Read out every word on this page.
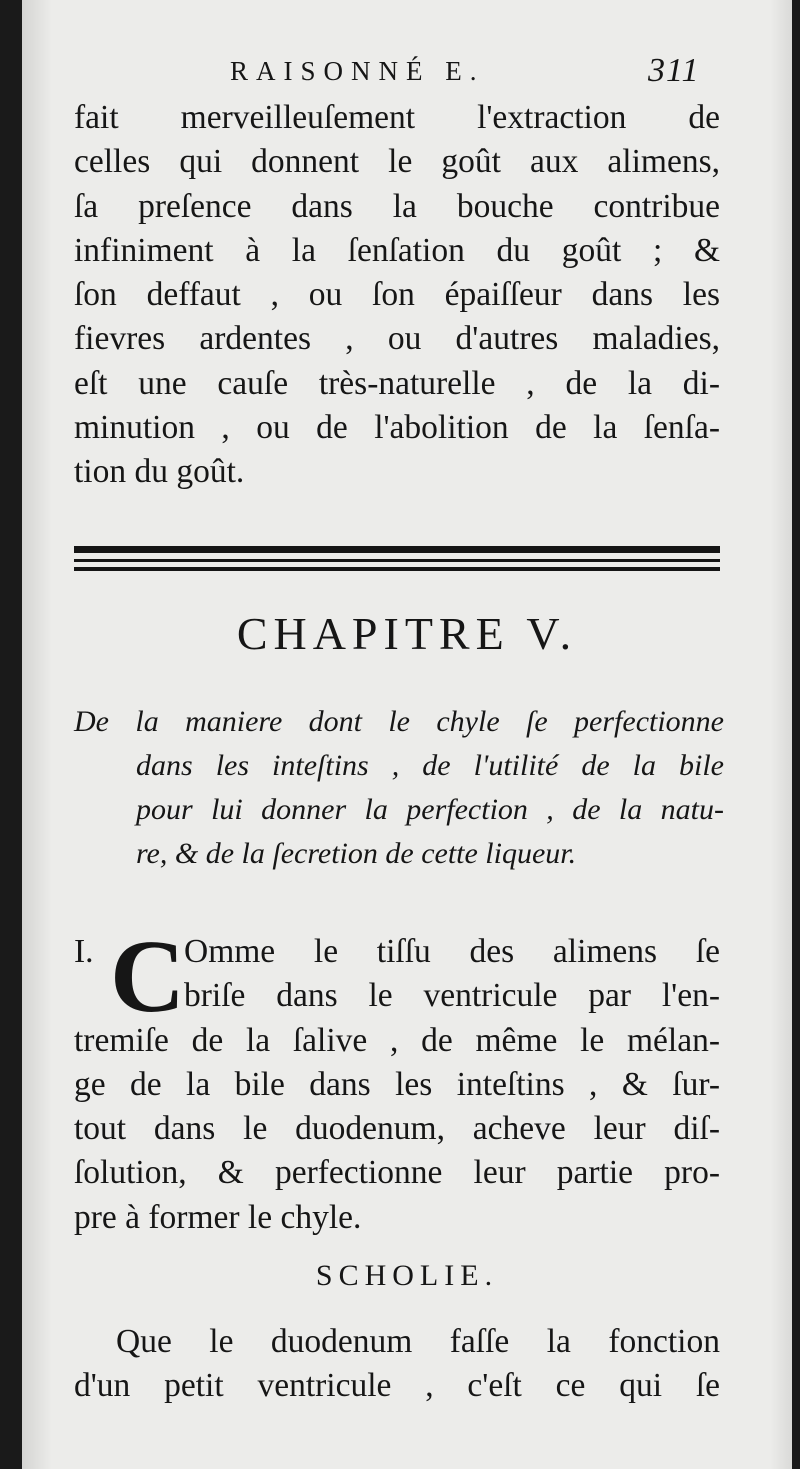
RAISONNÉ E.	311
fait merveilleuſement l'extraction de
celles qui donnent le goût aux alimens,
ſa preſence dans la bouche contribue
infiniment à la ſenſation du goût ; &
ſon deffaut , ou ſon épaiſſeur dans les
fievres ardentes , ou d'autres maladies,
eſt une cauſe très-naturelle , de la di-
minution , ou de l'abolition de la ſenſa-
tion du goût.
CHAPITRE V.
De la maniere dont le chyle ſe perfectionne
dans les inteſtins , de l'utilité de la bile
pour lui donner la perfection , de la natu-
re, & de la ſecretion de cette liqueur.
I. C
Omme le tiſſu des alimens ſe
briſe dans le ventricule par l'en-
tremiſe de la ſalive , de même le mélan-
ge de la bile dans les inteſtins , & ſur-
tout dans le duodenum, acheve leur diſ-
ſolution, & perfectionne leur partie pro-
pre à former le chyle.
SCHOLIE.
Que le duodenum faſſe la fonction
d'un petit ventricule , c'eſt ce qui ſe
